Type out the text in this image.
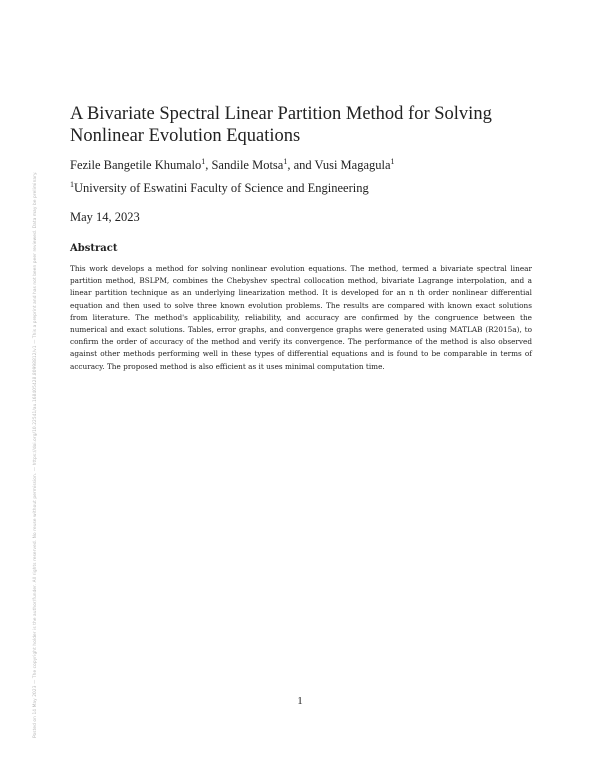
Posted on 14 May 2023 — The copyright holder is the author/funder. All rights reserved. No reuse without permission. — https://doi.org/10.22541/au.168405428.80998812/v1 — This a preprint and has not been peer reviewed. Data may be preliminary.
A Bivariate Spectral Linear Partition Method for Solving Nonlinear Evolution Equations
Fezile Bangetile Khumalo$^1$, Sandile Motsa$^1$, and Vusi Magagula$^1$
$^1$University of Eswatini Faculty of Science and Engineering
May 14, 2023
Abstract
This work develops a method for solving nonlinear evolution equations. The method, termed a bivariate spectral linear partition method, BSLPM, combines the Chebyshev spectral collocation method, bivariate Lagrange interpolation, and a linear partition technique as an underlying linearization method. It is developed for an n th order nonlinear differential equation and then used to solve three known evolution problems. The results are compared with known exact solutions from literature. The method's applicability, reliability, and accuracy are confirmed by the congruence between the numerical and exact solutions. Tables, error graphs, and convergence graphs were generated using MATLAB (R2015a), to confirm the order of accuracy of the method and verify its convergence. The performance of the method is also observed against other methods performing well in these types of differential equations and is found to be comparable in terms of accuracy. The proposed method is also efficient as it uses minimal computation time.
1
